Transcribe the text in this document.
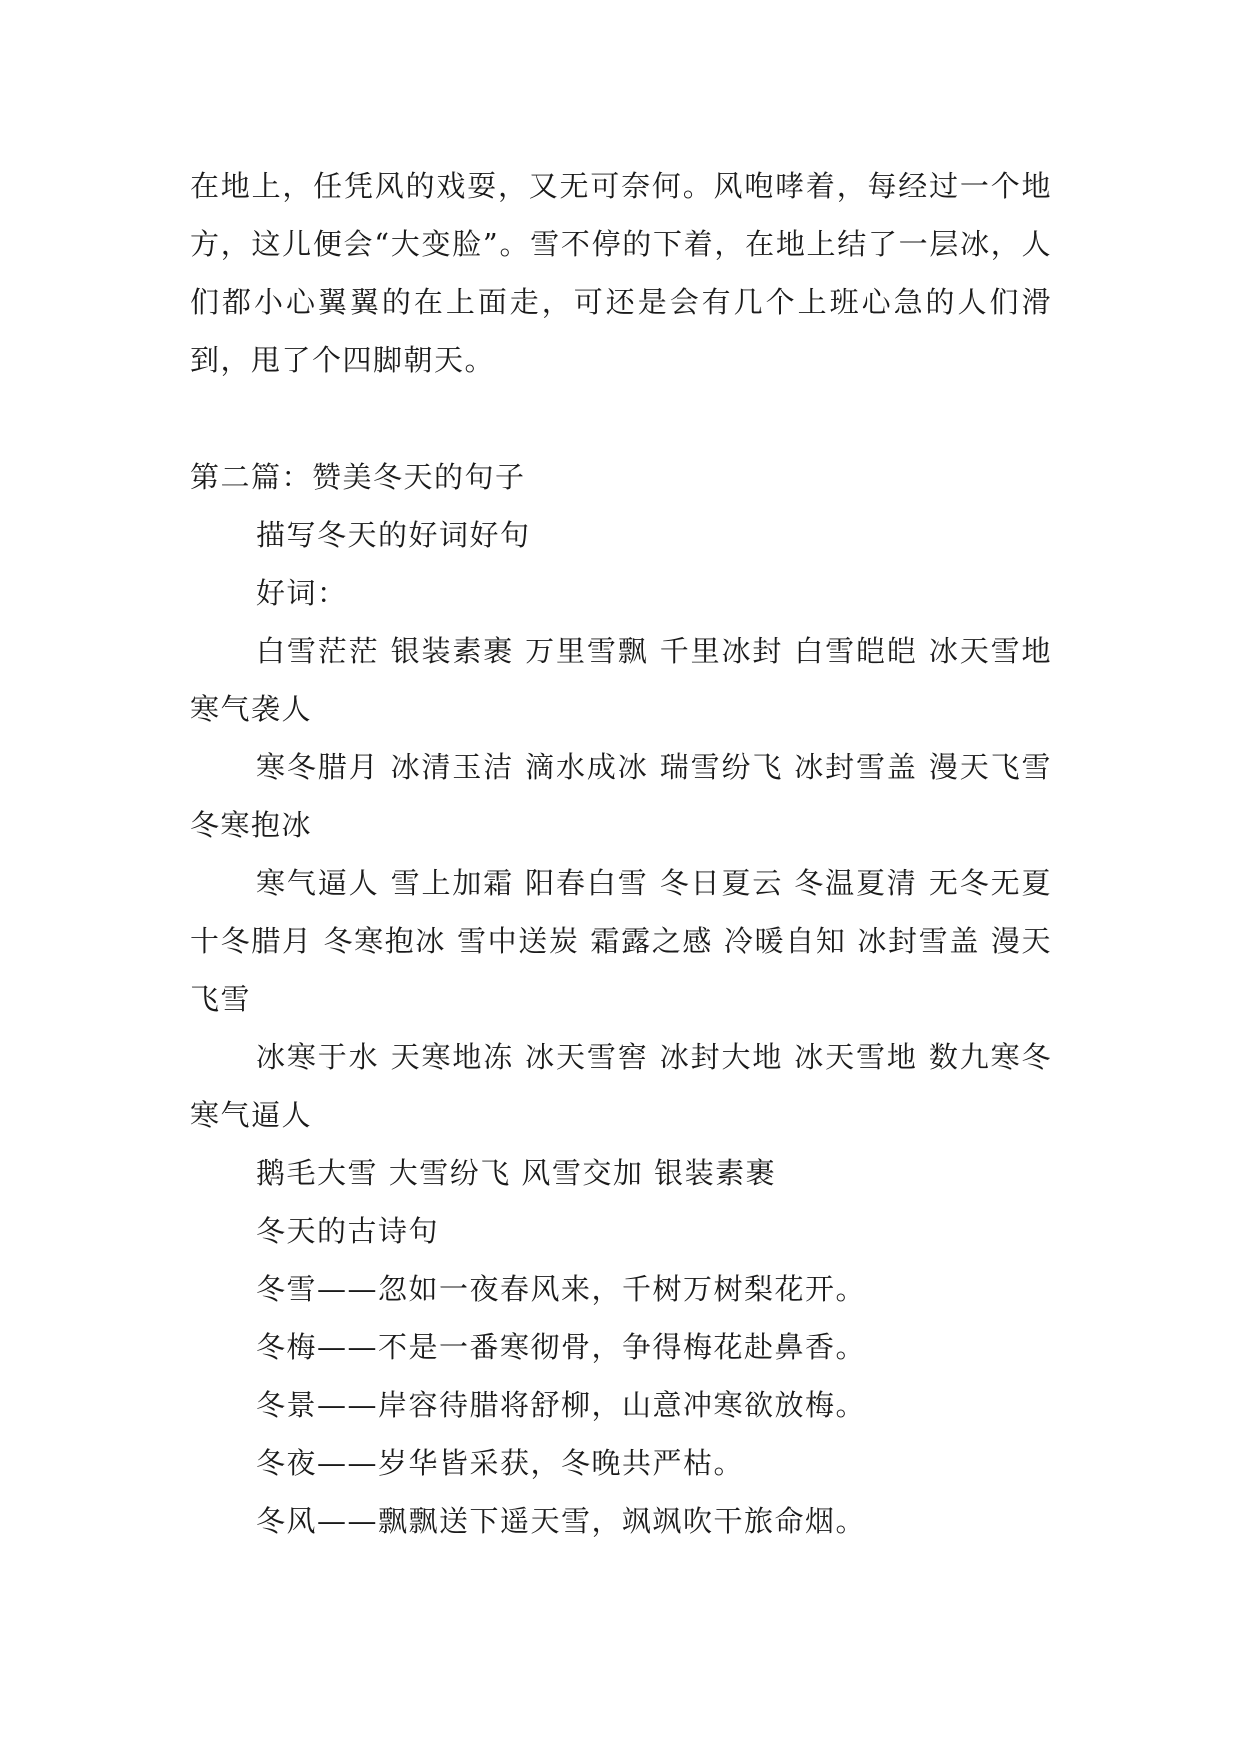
在地上，任凭风的戏耍，又无可奈何。风咆哮着，每经过一个地方，这儿便会“大变脸”。雪不停的下着，在地上结了一层冰，人们都小心翼翼的在上面走，可还是会有几个上班心急的人们滑到，甩了个四脚朝天。

第二篇：赞美冬天的句子

描写冬天的好词好句

好词：

白雪茫茫 银装素裹 万里雪飘 千里冰封 白雪皑皑 冰天雪地 寒气袭人

寒冬腊月 冰清玉洁 滴水成冰 瑞雪纷飞 冰封雪盖 漫天飞雪 冬寒抱冰

寒气逼人 雪上加霜 阳春白雪 冬日夏云 冬温夏清 无冬无夏  十冬腊月 冬寒抱冰 雪中送炭 霜露之感 冷暖自知 冰封雪盖 漫天飞雪

冰寒于水 天寒地冻 冰天雪窖 冰封大地 冰天雪地 数九寒冬 寒气逼人

鹅毛大雪 大雪纷飞 风雪交加 银装素裹

冬天的古诗句

冬雪——忽如一夜春风来，千树万树梨花开。

冬梅——不是一番寒彻骨，争得梅花赴鼻香。

冬景——岸容待腊将舒柳，山意冲寒欲放梅。

冬夜——岁华皆采获，冬晚共严枯。

冬风——飘飘送下遥天雪，飒飒吹干旅命烟。
